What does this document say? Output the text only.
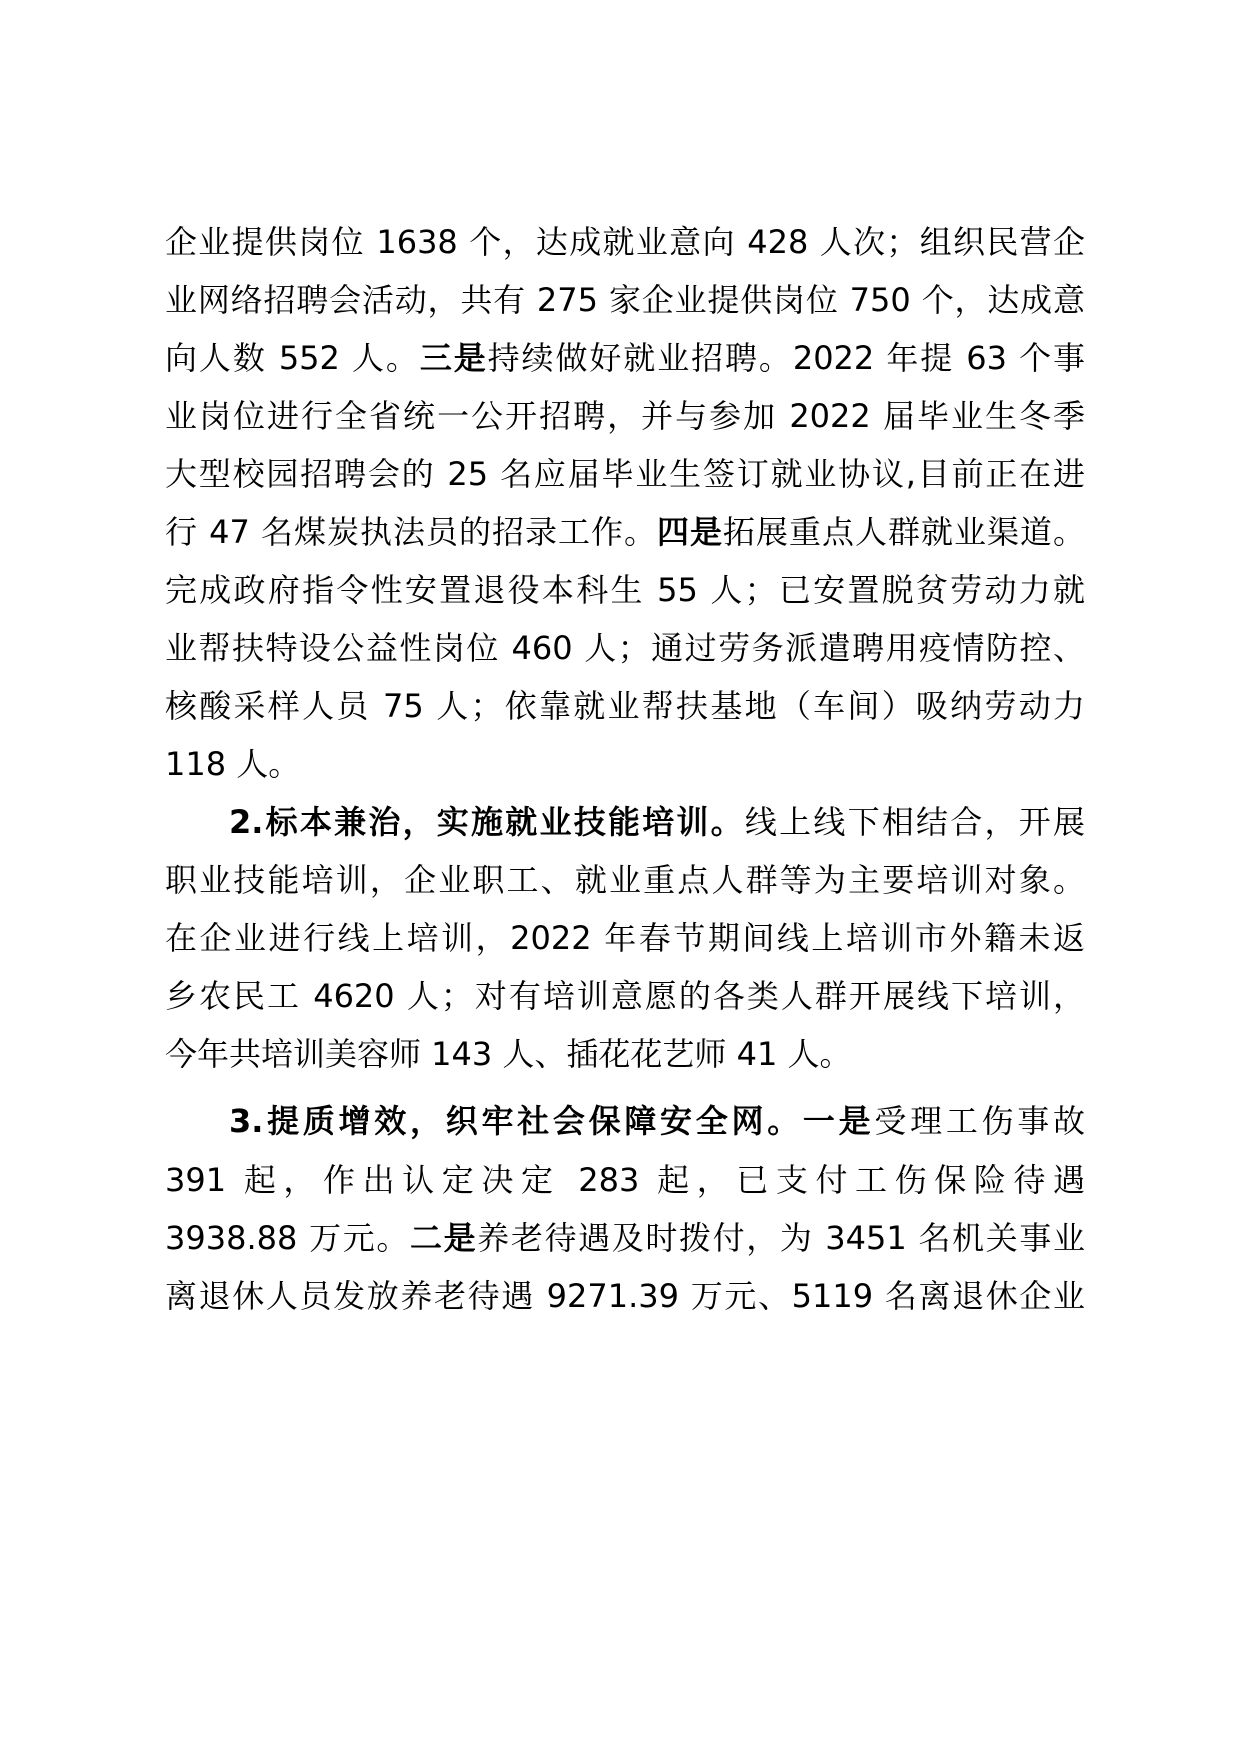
企业提供岗位 1638 个，达成就业意向 428 人次；组织民营企
业网络招聘会活动，共有 275 家企业提供岗位 750 个，达成意
向人数 552 人。三是持续做好就业招聘。2022 年提 63 个事
业岗位进行全省统一公开招聘，并与参加 2022 届毕业生冬季
大型校园招聘会的 25 名应届毕业生签订就业协议,目前正在进
行 47 名煤炭执法员的招录工作。四是拓展重点人群就业渠道。
完成政府指令性安置退役本科生 55 人；已安置脱贫劳动力就
业帮扶特设公益性岗位 460 人；通过劳务派遣聘用疫情防控、
核酸采样人员 75 人；依靠就业帮扶基地（车间）吸纳劳动力
118 人。
2.标本兼治，实施就业技能培训。线上线下相结合，开展
职业技能培训，企业职工、就业重点人群等为主要培训对象。
在企业进行线上培训，2022 年春节期间线上培训市外籍未返
乡农民工 4620 人；对有培训意愿的各类人群开展线下培训，
今年共培训美容师 143 人、插花花艺师 41 人。
3.提质增效，织牢社会保障安全网。一是受理工伤事故
391 起，作出认定决定 283 起，已支付工伤保险待遇
3938.88 万元。二是养老待遇及时拨付，为 3451 名机关事业
离退休人员发放养老待遇 9271.39 万元、5119 名离退休企业
